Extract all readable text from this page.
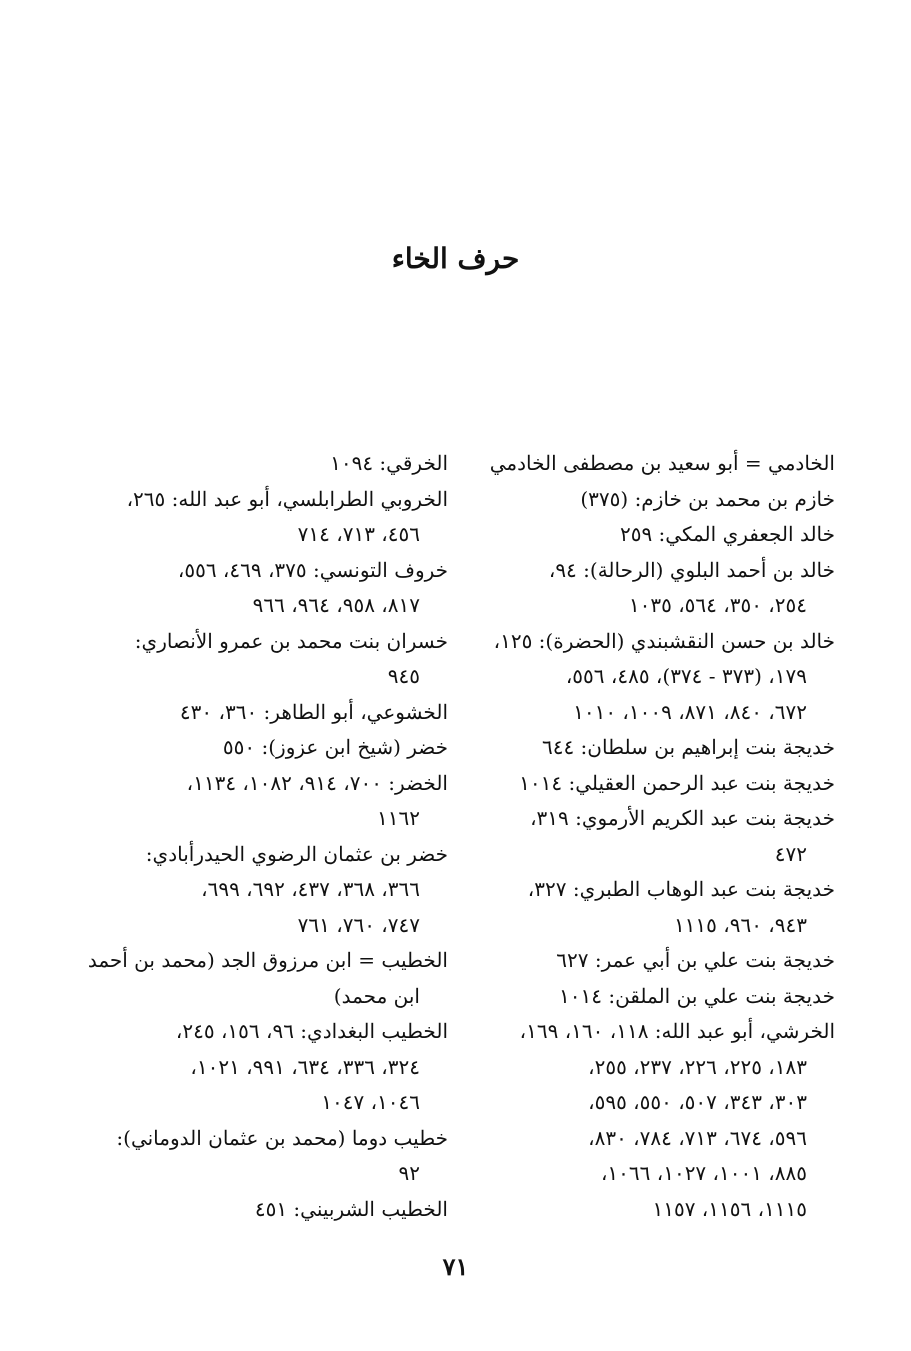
حرف الخاء
الخادمي = أبو سعيد بن مصطفى الخادمي
خازم بن محمد بن خازم: (٣٧٥)
خالد الجعفري المكي: ٢٥٩
خالد بن أحمد البلوي (الرحالة): ٩٤،
٢٥٤، ٣٥٠، ٥٦٤، ١٠٣٥
خالد بن حسن النقشبندي (الحضرة): ١٢٥،
١٧٩، (٣٧٣ - ٣٧٤)، ٤٨٥، ٥٥٦،
٦٧٢، ٨٤٠، ٨٧١، ١٠٠٩، ١٠١٠
خديجة بنت إبراهيم بن سلطان: ٦٤٤
خديجة بنت عبد الرحمن العقيلي: ١٠١٤
خديجة بنت عبد الكريم الأرموي: ٣١٩،
٤٧٢
خديجة بنت عبد الوهاب الطبري: ٣٢٧،
٩٤٣، ٩٦٠، ١١١٥
خديجة بنت علي بن أبي عمر: ٦٢٧
خديجة بنت علي بن الملقن: ١٠١٤
الخرشي، أبو عبد الله: ١١٨، ١٦٠، ١٦٩،
١٨٣، ٢٢٥، ٢٢٦، ٢٣٧، ٢٥٥،
٣٠٣، ٣٤٣، ٥٠٧، ٥٥٠، ٥٩٥،
٥٩٦، ٦٧٤، ٧١٣، ٧٨٤، ٨٣٠،
٨٨٥، ١٠٠١، ١٠٢٧، ١٠٦٦،
١١١٥، ١١٥٦، ١١٥٧
الخرقي: ١٠٩٤
الخروبي الطرابلسي، أبو عبد الله: ٢٦٥،
٤٥٦، ٧١٣، ٧١٤
خروف التونسي: ٣٧٥، ٤٦٩، ٥٥٦،
٨١٧، ٩٥٨، ٩٦٤، ٩٦٦
خسران بنت محمد بن عمرو الأنصاري:
٩٤٥
الخشوعي، أبو الطاهر: ٣٦٠، ٤٣٠
خضر (شيخ ابن عزوز): ٥٥٠
الخضر: ٧٠٠، ٩١٤، ١٠٨٢، ١١٣٤،
١١٦٢
خضر بن عثمان الرضوي الحيدرأبادي:
٣٦٦، ٣٦٨، ٤٣٧، ٦٩٢، ٦٩٩،
٧٤٧، ٧٦٠، ٧٦١
الخطيب = ابن مرزوق الجد (محمد بن أحمد
ابن محمد)
الخطيب البغدادي: ٩٦، ١٥٦، ٢٤٥،
٣٢٤، ٣٣٦، ٦٣٤، ٩٩١، ١٠٢١،
١٠٤٦، ١٠٤٧
خطيب دوما (محمد بن عثمان الدوماني):
٩٢
الخطيب الشربيني: ٤٥١
٧١
